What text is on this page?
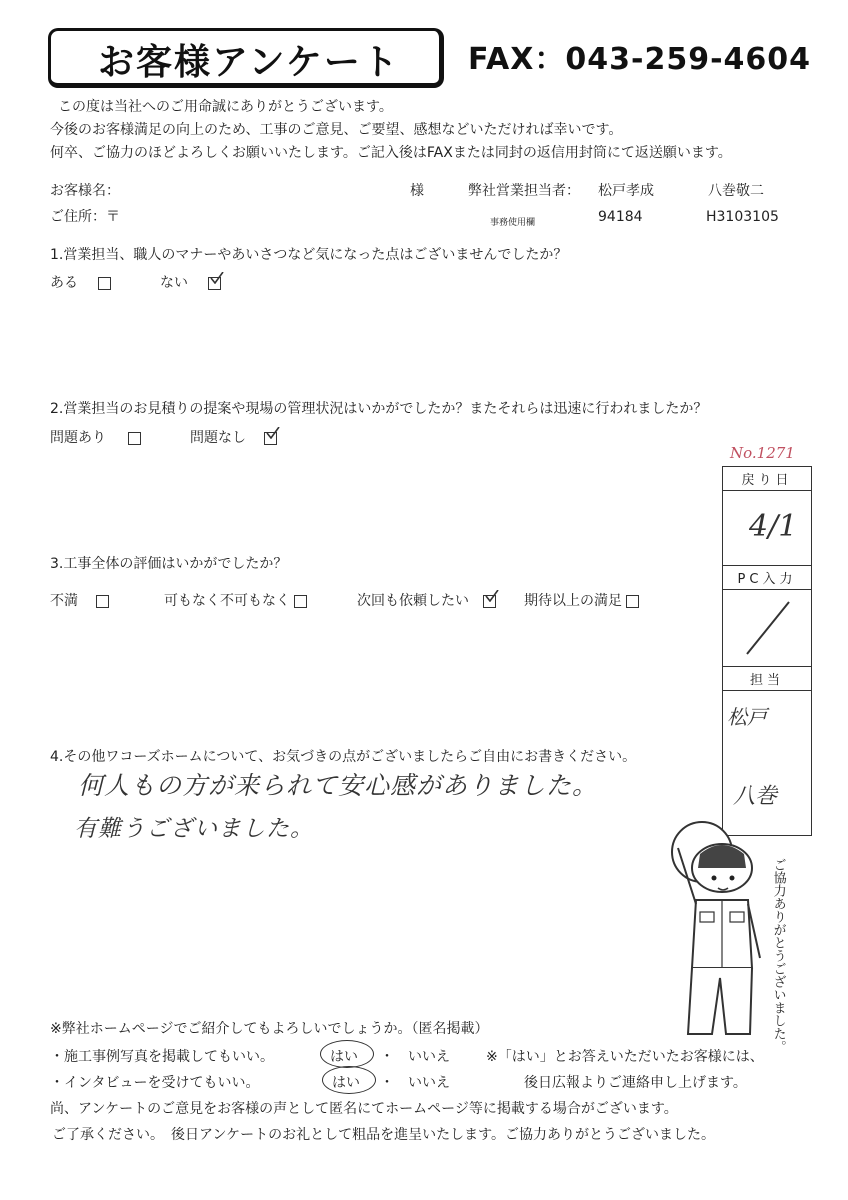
お客様アンケート FAX：043-259-4604
この度は当社へのご用命誠にありがとうございます。
今後のお客様満足の向上のため、工事のご意見、ご要望、感想などいただければ幸いです。
何卒、ご協力のほどよろしくお願いいたします。ご記入後はFAXまたは同封の返信用封筒にて返送願います。
お客様名：	様	弊社営業担当者： 松戸孝成	八巻敬二
ご住所：〒	事務使用欄	94184	H3103105
1.営業担当、職人のマナーやあいさつなど気になった点はございませんでしたか？
ある	ない
2.営業担当のお見積りの提案や現場の管理状況はいかがでしたか？またそれらは迅速に行われましたか？
問題あり	問題なし
3.工事全体の評価はいかがでしたか？
不満	可もなく不可もなく	次回も依頼したい	期待以上の満足
4.その他ワコーズホームについて、お気づきの点がございましたらご自由にお書きください。
何人もの方が来られて安心感がありました。
有難うございました。
No.1271
戻り日
4/1
PC入力
担当
松戸
八巻
ご協力ありがとうございました。
※弊社ホームページでご紹介してもよろしいでしょうか。（匿名掲載）
・施工事例写真を掲載してもいい。	はい ・　いいえ	※「はい」とお答えいただいたお客様には、
・インタビューを受けてもいい。	はい ・　いいえ	後日広報よりご連絡申し上げます。
尚、アンケートのご意見をお客様の声として匿名にてホームページ等に掲載する場合がございます。
ご了承ください。　後日アンケートのお礼として粗品を進呈いたします。ご協力ありがとうございました。
